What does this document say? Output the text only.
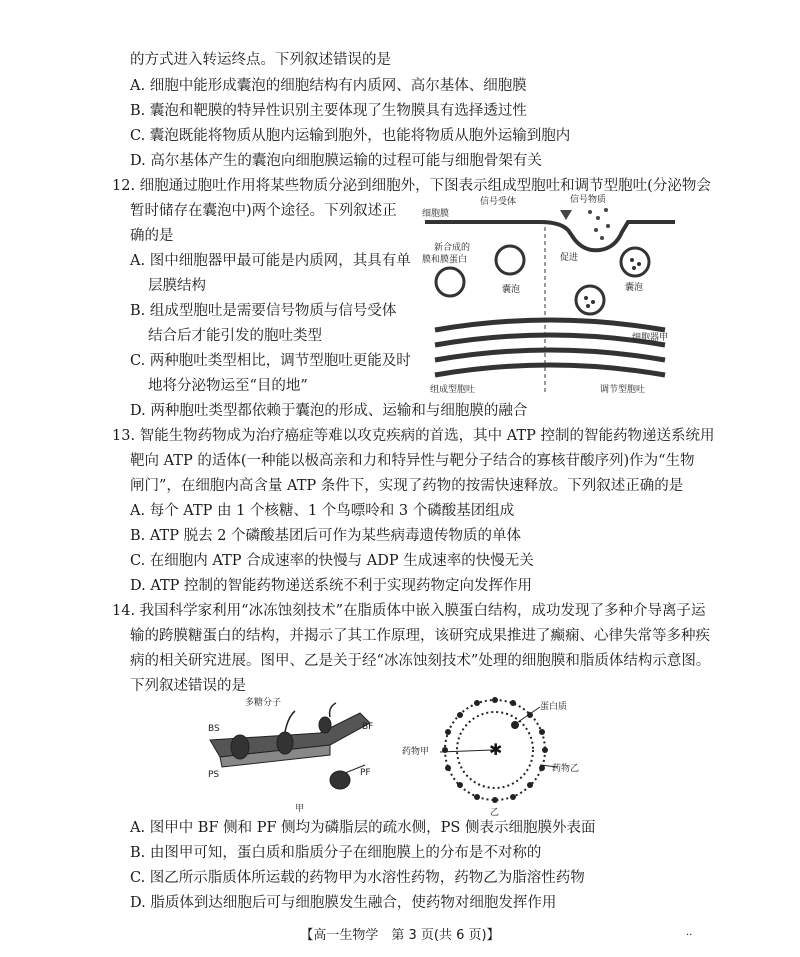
的方式进入转运终点。下列叙述错误的是
A. 细胞中能形成囊泡的细胞结构有内质网、高尔基体、细胞膜
B. 囊泡和靶膜的特异性识别主要体现了生物膜具有选择透过性
C. 囊泡既能将物质从胞内运输到胞外，也能将物质从胞外运输到胞内
D. 高尔基体产生的囊泡向细胞膜运输的过程可能与细胞骨架有关
12. 细胞通过胞吐作用将某些物质分泌到细胞外，下图表示组成型胞吐和调节型胞吐(分泌物会
暂时储存在囊泡中)两个途径。下列叙述正
确的是
A. 图中细胞器甲最可能是内质网，其具有单
层膜结构
B. 组成型胞吐是需要信号物质与信号受体
结合后才能引发的胞吐类型
C. 两种胞吐类型相比，调节型胞吐更能及时
地将分泌物运至“目的地”
D. 两种胞吐类型都依赖于囊泡的形成、运输和与细胞膜的融合
细胞膜
信号受体	信号物质
新合成的
膜和膜蛋白	促进
囊泡	囊泡
细胞器甲
组成型胞吐	调节型胞吐
13. 智能生物药物成为治疗癌症等难以攻克疾病的首选，其中 ATP 控制的智能药物递送系统用
靶向 ATP 的适体(一种能以极高亲和力和特异性与靶分子结合的寡核苷酸序列)作为“生物
闸门”，在细胞内高含量 ATP 条件下，实现了药物的按需快速释放。下列叙述正确的是
A. 每个 ATP 由 1 个核糖、1 个鸟嘌呤和 3 个磷酸基团组成
B. ATP 脱去 2 个磷酸基团后可作为某些病毒遗传物质的单体
C. 在细胞内 ATP 合成速率的快慢与 ADP 生成速率的快慢无关
D. ATP 控制的智能药物递送系统不利于实现药物定向发挥作用
14. 我国科学家利用“冰冻蚀刻技术”在脂质体中嵌入膜蛋白结构，成功发现了多种介导离子运
输的跨膜糖蛋白的结构，并揭示了其工作原理，该研究成果推进了癫痫、心律失常等多种疾
病的相关研究进展。图甲、乙是关于经“冰冻蚀刻技术”处理的细胞膜和脂质体结构示意图。
下列叙述错误的是
多糖分子
BS	BF
PS	PF
甲
✱
蛋白质
药物甲
药物乙
乙
A. 图甲中 BF 侧和 PF 侧均为磷脂层的疏水侧，PS 侧表示细胞膜外表面
B. 由图甲可知，蛋白质和脂质分子在细胞膜上的分布是不对称的
C. 图乙所示脂质体所运载的药物甲为水溶性药物，药物乙为脂溶性药物
D. 脂质体到达细胞后可与细胞膜发生融合，使药物对细胞发挥作用
【高一生物学　第 3 页(共 6 页)】	··
